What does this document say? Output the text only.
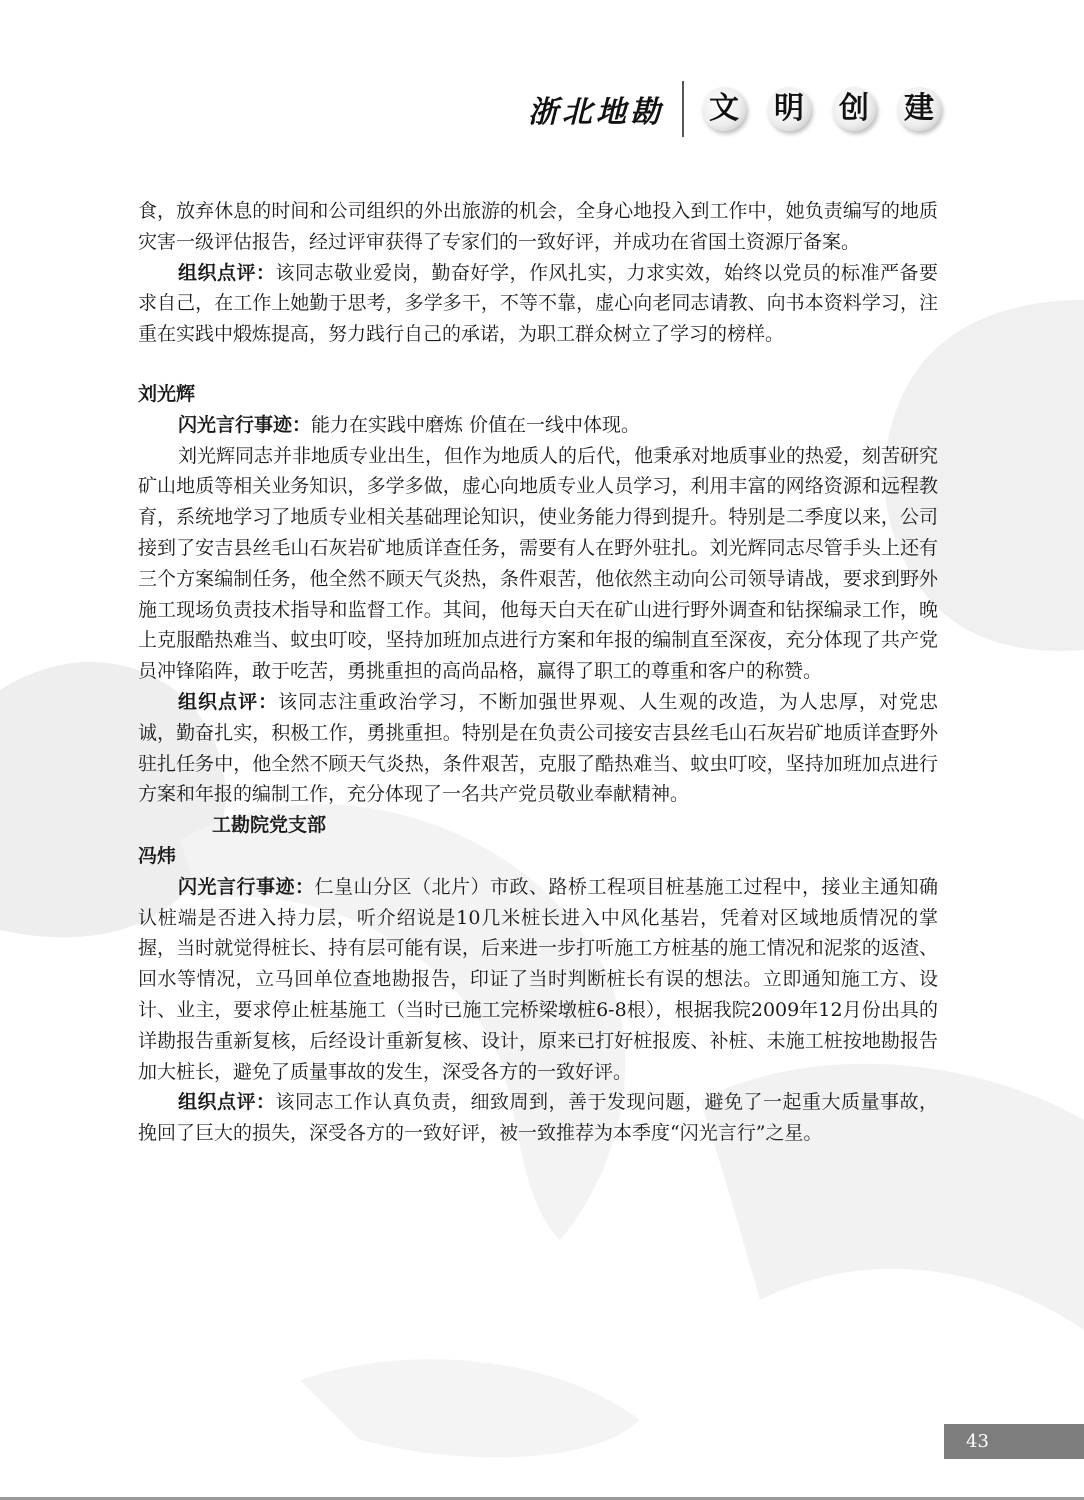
浙北地勘 文 明 创 建

食，放弃休息的时间和公司组织的外出旅游的机会，全身心地投入到工作中，她负责编写的地质灾害一级评估报告，经过评审获得了专家们的一致好评，并成功在省国土资源厅备案。

组织点评：该同志敬业爱岗，勤奋好学，作风扎实，力求实效，始终以党员的标准严备要求自己，在工作上她勤于思考，多学多干，不等不靠，虚心向老同志请教、向书本资料学习，注重在实践中煅炼提高，努力践行自己的承诺，为职工群众树立了学习的榜样。

刘光辉

闪光言行事迹：能力在实践中磨炼 价值在一线中体现。

刘光辉同志并非地质专业出生，但作为地质人的后代，他秉承对地质事业的热爱，刻苦研究矿山地质等相关业务知识，多学多做，虚心向地质专业人员学习，利用丰富的网络资源和远程教育，系统地学习了地质专业相关基础理论知识，使业务能力得到提升。特别是二季度以来，公司接到了安吉县丝毛山石灰岩矿地质详查任务，需要有人在野外驻扎。刘光辉同志尽管手头上还有三个方案编制任务，他全然不顾天气炎热，条件艰苦，他依然主动向公司领导请战，要求到野外施工现场负责技术指导和监督工作。其间，他每天白天在矿山进行野外调查和钻探编录工作，晚上克服酷热难当、蚊虫叮咬，坚持加班加点进行方案和年报的编制直至深夜，充分体现了共产党员冲锋陷阵，敢于吃苦，勇挑重担的高尚品格，赢得了职工的尊重和客户的称赞。

组织点评：该同志注重政治学习，不断加强世界观、人生观的改造，为人忠厚，对党忠诚，勤奋扎实，积极工作，勇挑重担。特别是在负责公司接安吉县丝毛山石灰岩矿地质详查野外驻扎任务中，他全然不顾天气炎热，条件艰苦，克服了酷热难当、蚊虫叮咬，坚持加班加点进行方案和年报的编制工作，充分体现了一名共产党员敬业奉献精神。

工勘院党支部

冯炜

闪光言行事迹：仁皇山分区（北片）市政、路桥工程项目桩基施工过程中，接业主通知确认桩端是否进入持力层，听介绍说是10几米桩长进入中风化基岩，凭着对区域地质情况的掌握，当时就觉得桩长、持有层可能有误，后来进一步打听施工方桩基的施工情况和泥浆的返渣、回水等情况，立马回单位查地勘报告，印证了当时判断桩长有误的想法。立即通知施工方、设计、业主，要求停止桩基施工（当时已施工完桥梁墩桩6-8根），根据我院2009年12月份出具的详勘报告重新复核，后经设计重新复核、设计，原来已打好桩报废、补桩、未施工桩按地勘报告加大桩长，避免了质量事故的发生，深受各方的一致好评。

组织点评：该同志工作认真负责，细致周到，善于发现问题，避免了一起重大质量事故，挽回了巨大的损失，深受各方的一致好评，被一致推荐为本季度“闪光言行”之星。

43
